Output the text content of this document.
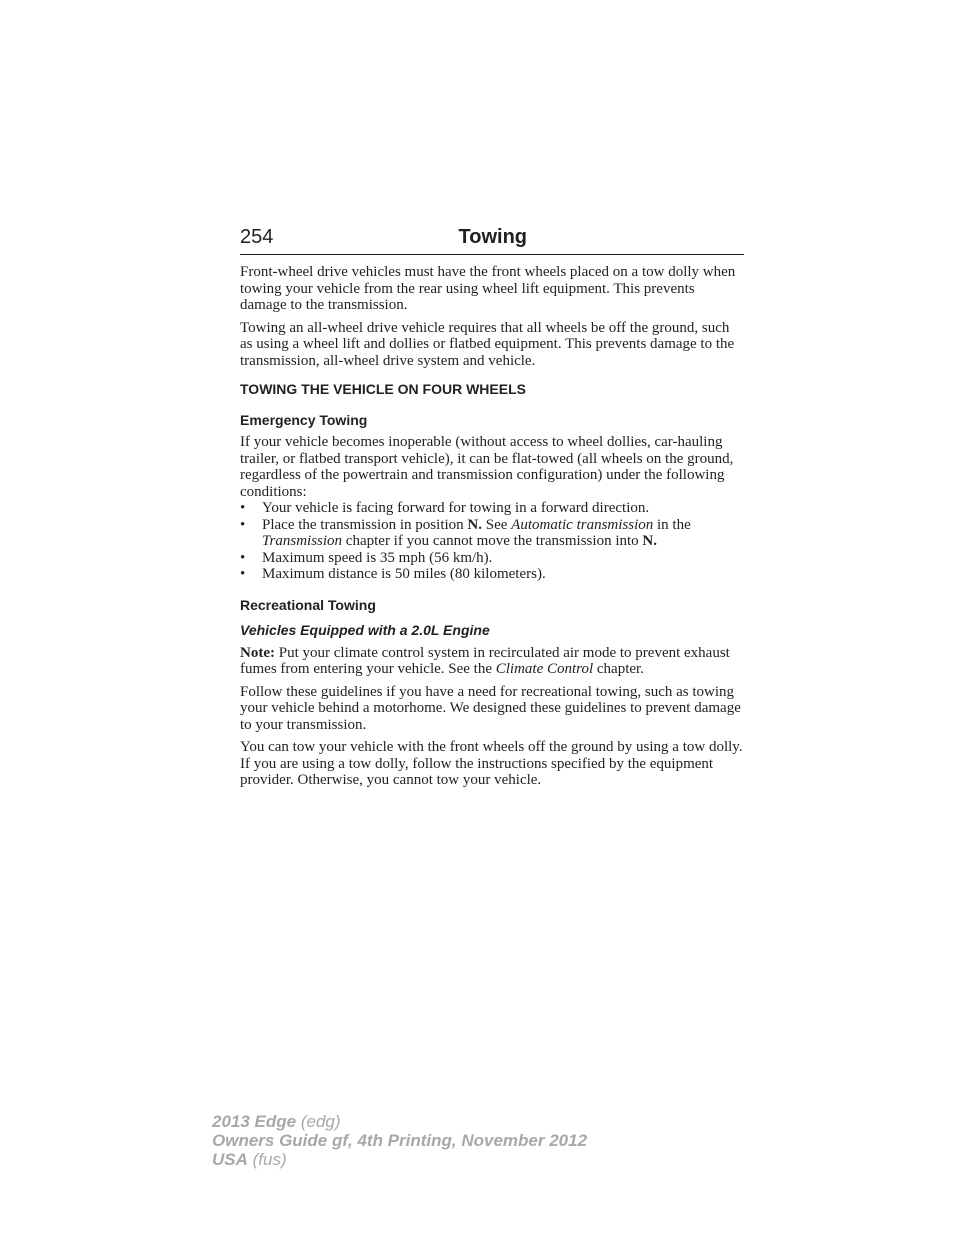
254	Towing

Front-wheel drive vehicles must have the front wheels placed on a tow dolly when towing your vehicle from the rear using wheel lift equipment. This prevents damage to the transmission.

Towing an all-wheel drive vehicle requires that all wheels be off the ground, such as using a wheel lift and dollies or flatbed equipment. This prevents damage to the transmission, all-wheel drive system and vehicle.

TOWING THE VEHICLE ON FOUR WHEELS
Emergency Towing

If your vehicle becomes inoperable (without access to wheel dollies, car-hauling trailer, or flatbed transport vehicle), it can be flat-towed (all wheels on the ground, regardless of the powertrain and transmission configuration) under the following conditions:

• Your vehicle is facing forward for towing in a forward direction.
• Place the transmission in position N. See Automatic transmission in the Transmission chapter if you cannot move the transmission into N.
• Maximum speed is 35 mph (56 km/h).
• Maximum distance is 50 miles (80 kilometers).
Recreational Towing
Vehicles Equipped with a 2.0L Engine

Note: Put your climate control system in recirculated air mode to prevent exhaust fumes from entering your vehicle. See the Climate Control chapter.

Follow these guidelines if you have a need for recreational towing, such as towing your vehicle behind a motorhome. We designed these guidelines to prevent damage to your transmission.

You can tow your vehicle with the front wheels off the ground by using a tow dolly. If you are using a tow dolly, follow the instructions specified by the equipment provider. Otherwise, you cannot tow your vehicle.

2013 Edge (edg)
Owners Guide gf, 4th Printing, November 2012
USA (fus)
